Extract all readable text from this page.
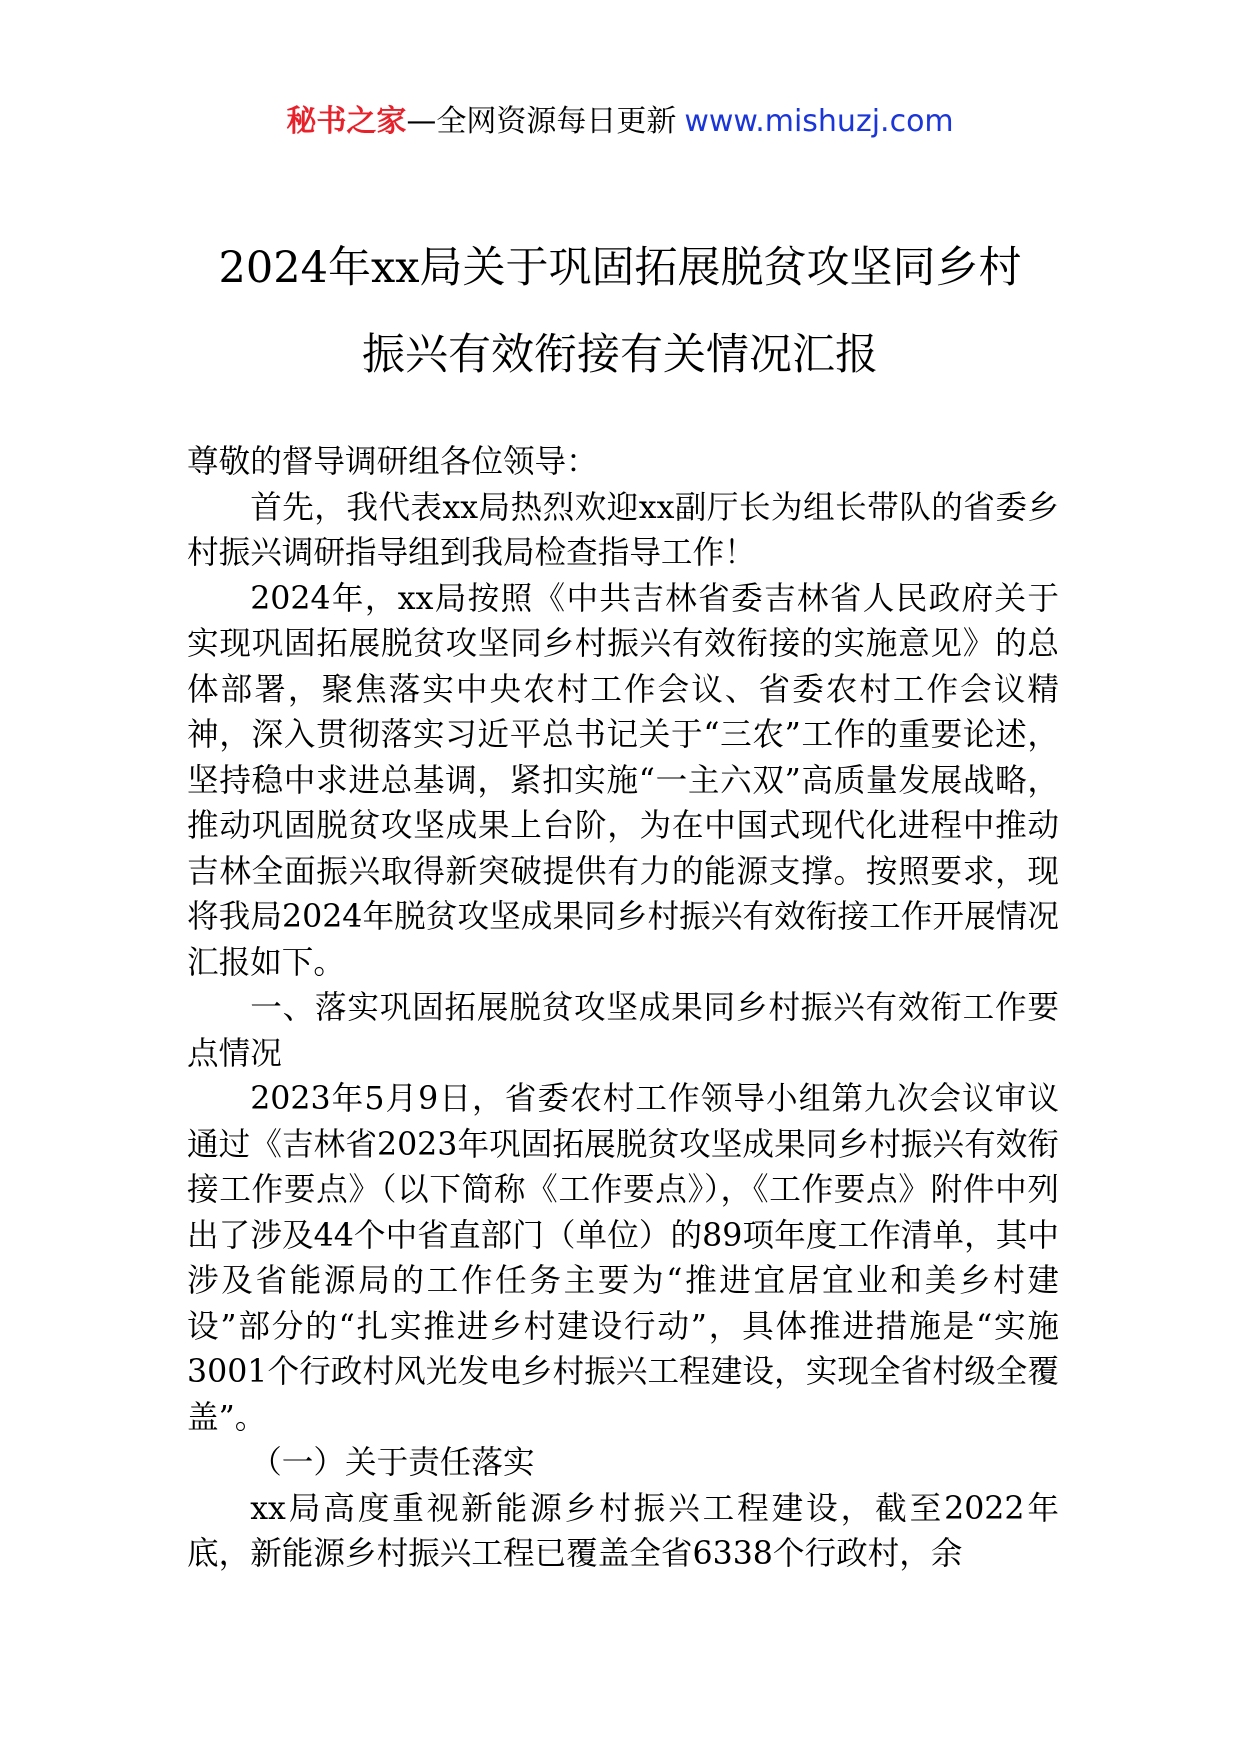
秘书之家—全网资源每日更新 www.mishuzj.com
2024年xx局关于巩固拓展脱贫攻坚同乡村
振兴有效衔接有关情况汇报

尊敬的督导调研组各位领导：

首先，我代表xx局热烈欢迎xx副厅长为组长带队的省委乡村振兴调研指导组到我局检查指导工作！

2024年，xx局按照《中共吉林省委吉林省人民政府关于实现巩固拓展脱贫攻坚同乡村振兴有效衔接的实施意见》的总体部署，聚焦落实中央农村工作会议、省委农村工作会议精神，深入贯彻落实习近平总书记关于“三农”工作的重要论述，坚持稳中求进总基调，紧扣实施“一主六双”高质量发展战略，推动巩固脱贫攻坚成果上台阶，为在中国式现代化进程中推动吉林全面振兴取得新突破提供有力的能源支撑。按照要求，现将我局2024年脱贫攻坚成果同乡村振兴有效衔接工作开展情况汇报如下。

一、落实巩固拓展脱贫攻坚成果同乡村振兴有效衔工作要点情况

2023年5月9日，省委农村工作领导小组第九次会议审议通过《吉林省2023年巩固拓展脱贫攻坚成果同乡村振兴有效衔接工作要点》（以下简称《工作要点》），《工作要点》附件中列出了涉及44个中省直部门（单位）的89项年度工作清单，其中涉及省能源局的工作任务主要为“推进宜居宜业和美乡村建设”部分的“扎实推进乡村建设行动”，具体推进措施是“实施3001个行政村风光发电乡村振兴工程建设，实现全省村级全覆盖”。

（一）关于责任落实

xx局高度重视新能源乡村振兴工程建设，截至2022年底，新能源乡村振兴工程已覆盖全省6338个行政村，余
